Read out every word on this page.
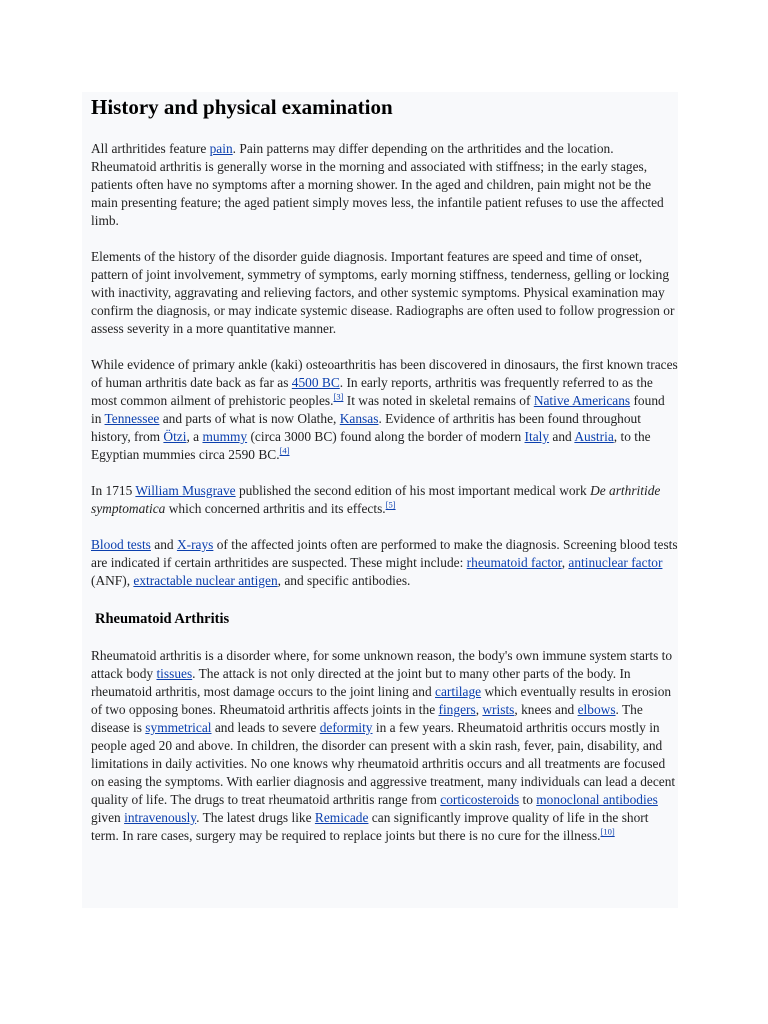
History and physical examination

All arthritides feature pain. Pain patterns may differ depending on the arthritides and the location. Rheumatoid arthritis is generally worse in the morning and associated with stiffness; in the early stages, patients often have no symptoms after a morning shower. In the aged and children, pain might not be the main presenting feature; the aged patient simply moves less, the infantile patient refuses to use the affected limb.

Elements of the history of the disorder guide diagnosis. Important features are speed and time of onset, pattern of joint involvement, symmetry of symptoms, early morning stiffness, tenderness, gelling or locking with inactivity, aggravating and relieving factors, and other systemic symptoms. Physical examination may confirm the diagnosis, or may indicate systemic disease. Radiographs are often used to follow progression or assess severity in a more quantitative manner.

While evidence of primary ankle (kaki) osteoarthritis has been discovered in dinosaurs, the first known traces of human arthritis date back as far as 4500 BC. In early reports, arthritis was frequently referred to as the most common ailment of prehistoric peoples.[3] It was noted in skeletal remains of Native Americans found in Tennessee and parts of what is now Olathe, Kansas. Evidence of arthritis has been found throughout history, from Ötzi, a mummy (circa 3000 BC) found along the border of modern Italy and Austria, to the Egyptian mummies circa 2590 BC.[4]

In 1715 William Musgrave published the second edition of his most important medical work De arthritide symptomatica which concerned arthritis and its effects.[5]

Blood tests and X-rays of the affected joints often are performed to make the diagnosis. Screening blood tests are indicated if certain arthritides are suspected. These might include: rheumatoid factor, antinuclear factor (ANF), extractable nuclear antigen, and specific antibodies.

Rheumatoid Arthritis

Rheumatoid arthritis is a disorder where, for some unknown reason, the body's own immune system starts to attack body tissues. The attack is not only directed at the joint but to many other parts of the body. In rheumatoid arthritis, most damage occurs to the joint lining and cartilage which eventually results in erosion of two opposing bones. Rheumatoid arthritis affects joints in the fingers, wrists, knees and elbows. The disease is symmetrical and leads to severe deformity in a few years. Rheumatoid arthritis occurs mostly in people aged 20 and above. In children, the disorder can present with a skin rash, fever, pain, disability, and limitations in daily activities. No one knows why rheumatoid arthritis occurs and all treatments are focused on easing the symptoms. With earlier diagnosis and aggressive treatment, many individuals can lead a decent quality of life. The drugs to treat rheumatoid arthritis range from corticosteroids to monoclonal antibodies given intravenously. The latest drugs like Remicade can significantly improve quality of life in the short term. In rare cases, surgery may be required to replace joints but there is no cure for the illness.[10]
